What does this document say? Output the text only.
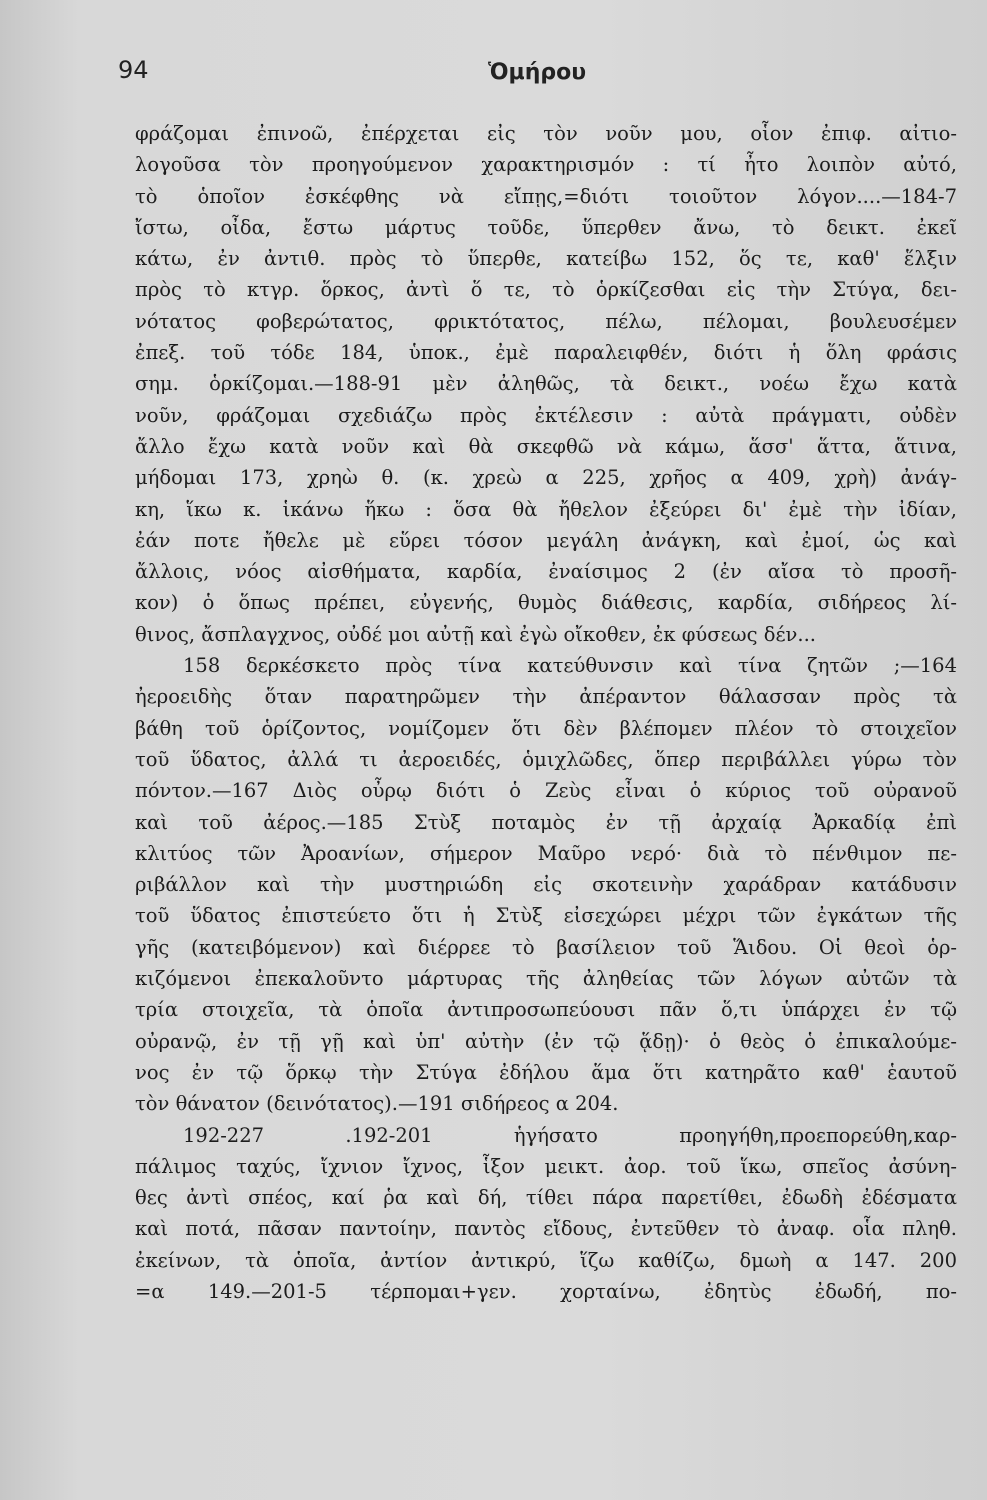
94	Ὁμήρου
φράζομαι ἐπινοῶ, ἐπέρχεται εἰς τὸν νοῦν μου, οἷον ἐπιφ. αἰτιο-
λογοῦσα τὸν προηγούμενον χαρακτηρισμόν : τί ἦτο λοιπὸν αὐτό,
τὸ ὁποῖον ἐσκέφθης νὰ εἴπῃς,=διότι τοιοῦτον λόγον....—184-7
ἴστω, οἶδα, ἔστω μάρτυς τοῦδε, ὕπερθεν ἄνω, τὸ δεικτ. ἐκεῖ
κάτω, ἐν ἀντιθ. πρὸς τὸ ὕπερθε, κατείβω 152, ὅς τε, καθ' ἕλξιν
πρὸς τὸ κτγρ. ὅρκος, ἀντὶ ὅ τε, τὸ ὁρκίζεσθαι εἰς τὴν Στύγα, δει-
νότατος φοβερώτατος, φρικτότατος, πέλω, πέλομαι, βουλευσέμεν
ἐπεξ. τοῦ τόδε 184, ὑποκ., ἐμὲ παραλειφθέν, διότι ἡ ὅλη φράσις
σημ. ὁρκίζομαι.—188-91 μὲν ἀληθῶς, τὰ δεικτ., νοέω ἔχω κατὰ
νοῦν, φράζομαι σχεδιάζω πρὸς ἐκτέλεσιν : αὐτὰ πράγματι, οὐδὲν
ἄλλο ἔχω κατὰ νοῦν καὶ θὰ σκεφθῶ νὰ κάμω, ἅσσ' ἅττα, ἅτινα,
μήδομαι 173, χρηὼ θ. (κ. χρεὼ α 225, χρῆος α 409, χρὴ) ἀνάγ-
κη, ἵκω κ. ἱκάνω ἥκω : ὅσα θὰ ἤθελον ἐξεύρει δι' ἐμὲ τὴν ἰδίαν,
ἐάν ποτε ἤθελε μὲ εὕρει τόσον μεγάλη ἀνάγκη, καὶ ἐμοί, ὡς καὶ
ἄλλοις, νόος αἰσθήματα, καρδία, ἐναίσιμος 2 (ἐν αἴσα τὸ προσῆ-
κον) ὁ ὅπως πρέπει, εὐγενής, θυμὸς διάθεσις, καρδία, σιδήρεος λί-
θινος, ἄσπλαγχνος, οὐδέ μοι αὐτῇ καὶ ἐγὼ οἴκοθεν, ἐκ φύσεως δέν...
158 δερκέσκετο πρὸς τίνα κατεύθυνσιν καὶ τίνα ζητῶν ;—164
ἠεροειδὴς ὅταν παρατηρῶμεν τὴν ἀπέραντον θάλασσαν πρὸς τὰ
βάθη τοῦ ὁρίζοντος, νομίζομεν ὅτι δὲν βλέπομεν πλέον τὸ στοιχεῖον
τοῦ ὕδατος, ἀλλά τι ἀεροειδές, ὁμιχλῶδες, ὅπερ περιβάλλει γύρω τὸν
πόντον.—167 Διὸς οὖρῳ διότι ὁ Ζεὺς εἶναι ὁ κύριος τοῦ οὐρανοῦ
καὶ τοῦ ἀέρος.—185 Στὺξ ποταμὸς ἐν τῇ ἀρχαίᾳ Ἀρκαδίᾳ ἐπὶ
κλιτύος τῶν Ἀροανίων, σήμερον Μαῦρο νερό· διὰ τὸ πένθιμον πε-
ριβάλλον καὶ τὴν μυστηριώδη εἰς σκοτεινὴν χαράδραν κατάδυσιν
τοῦ ὕδατος ἐπιστεύετο ὅτι ἡ Στὺξ εἰσεχώρει μέχρι τῶν ἐγκάτων τῆς
γῆς (κατειβόμενον) καὶ διέρρεε τὸ βασίλειον τοῦ Ἅιδου. Οἱ θεοὶ ὁρ-
κιζόμενοι ἐπεκαλοῦντο μάρτυρας τῆς ἀληθείας τῶν λόγων αὐτῶν τὰ
τρία στοιχεῖα, τὰ ὁποῖα ἀντιπροσωπεύουσι πᾶν ὅ,τι ὑπάρχει ἐν τῷ
οὐρανῷ, ἐν τῇ γῇ καὶ ὑπ' αὐτὴν (ἐν τῷ ᾅδῃ)· ὁ θεὸς ὁ ἐπικαλούμε-
νος ἐν τῷ ὅρκῳ τὴν Στύγα ἐδήλου ἅμα ὅτι κατηρᾶτο καθ' ἑαυτοῦ
τὸν θάνατον (δεινότατος).—191 σιδήρεος α 204.
192-227 .192-201 ἡγήσατο προηγήθη,προεπορεύθη,καρ-
πάλιμος ταχύς, ἴχνιον ἴχνος, ἷξον μεικτ. ἀορ. τοῦ ἵκω, σπεῖος ἀσύνη-
θες ἀντὶ σπέος, καί ῥα καὶ δή, τίθει πάρα παρετίθει, ἐδωδὴ ἐδέσματα
καὶ ποτά, πᾶσαν παντοίην, παντὸς εἴδους, ἐντεῦθεν τὸ ἀναφ. οἷα πληθ.
ἐκείνων, τὰ ὁποῖα, ἀντίον ἀντικρύ, ἵζω καθίζω, δμωὴ α 147. 200
=α 149.—201-5 τέρπομαι+γεν. χορταίνω, ἐδητὺς ἐδωδή, πο-
